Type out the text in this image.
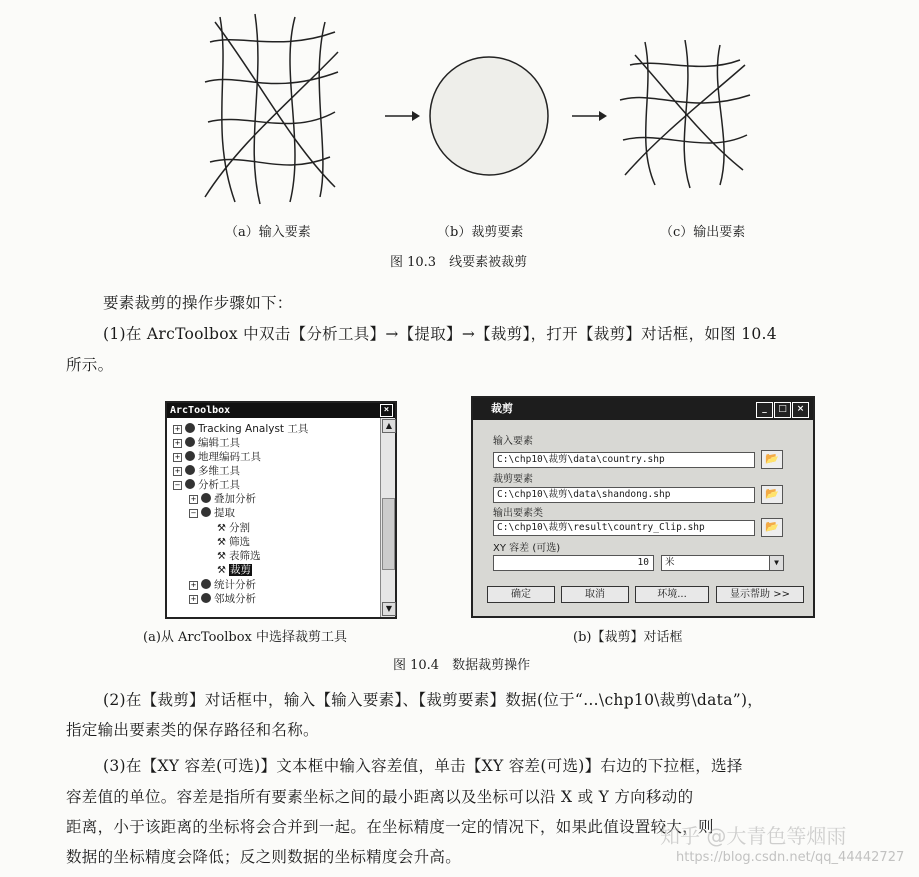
（a）输入要素	（b）裁剪要素	（c）输出要素
图 10.3　线要素被裁剪
要素裁剪的操作步骤如下：
(1)在 ArcToolbox 中双击【分析工具】→【提取】→【裁剪】，打开【裁剪】对话框，如图 10.4
所示。
ArcToolbox	×
+ Tracking Analyst 工具
+ 编辑工具
+ 地理编码工具
+ 多维工具
− 分析工具
+ 叠加分析
− 提取
⚒ 分割
⚒ 筛选
⚒ 表筛选
⚒ 裁剪
+ 统计分析
+ 邻域分析
▲
▼
裁剪	_	□	×
输入要素
C:\chp10\裁剪\data\country.shp	📂
裁剪要素
C:\chp10\裁剪\data\shandong.shp	📂
输出要素类
C:\chp10\裁剪\result\country_Clip.shp	📂
XY 容差 (可选)
10	米	▼
确定	取消	环境...	显示帮助 >>
(a)从 ArcToolbox 中选择裁剪工具	(b)【裁剪】对话框
图 10.4　数据裁剪操作
(2)在【裁剪】对话框中，输入【输入要素】、【裁剪要素】数据(位于“…\chp10\裁剪\data”)，
指定输出要素类的保存路径和名称。
(3)在【XY 容差(可选)】文本框中输入容差值，单击【XY 容差(可选)】右边的下拉框，选择
容差值的单位。容差是指所有要素坐标之间的最小距离以及坐标可以沿 X 或 Y 方向移动的
距离，小于该距离的坐标将会合并到一起。在坐标精度一定的情况下，如果此值设置较大，则
数据的坐标精度会降低；反之则数据的坐标精度会升高。
知乎 @大青色等烟雨
https://blog.csdn.net/qq_44442727
